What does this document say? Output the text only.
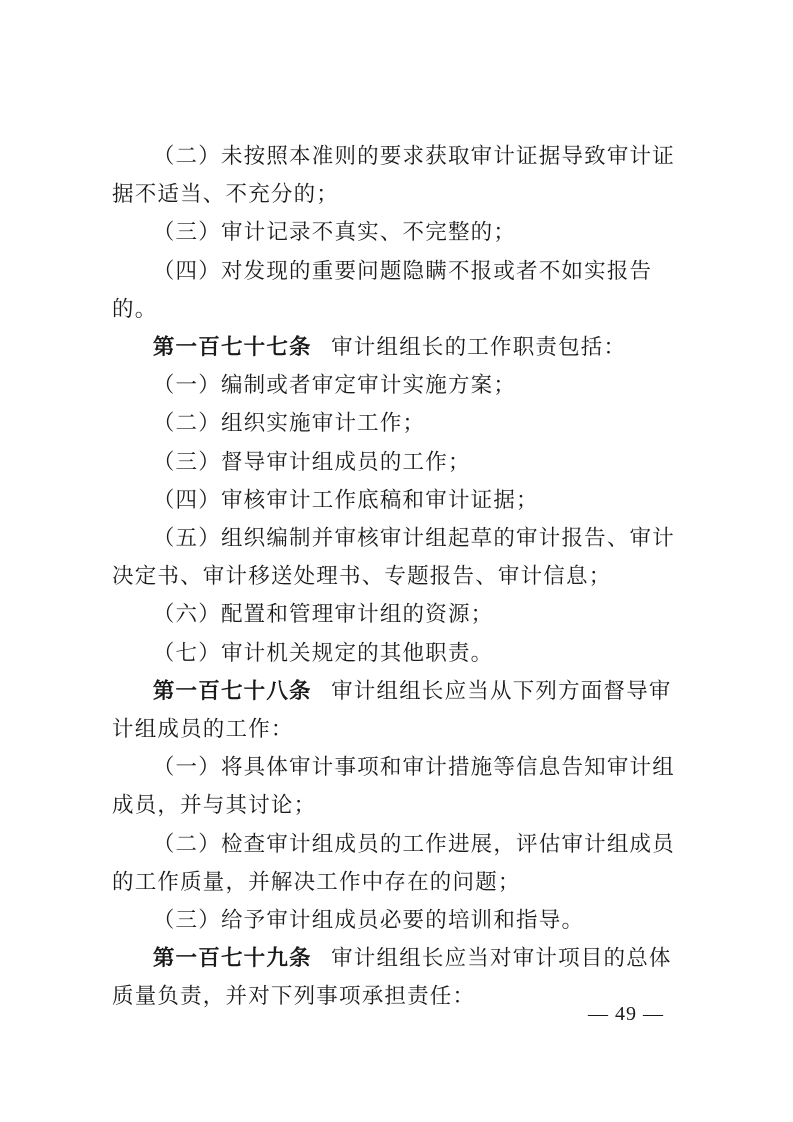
（二）未按照本准则的要求获取审计证据导致审计证据不适当、不充分的；

（三）审计记录不真实、不完整的；

（四）对发现的重要问题隐瞒不报或者不如实报告的。

第一百七十七条 审计组组长的工作职责包括：

（一）编制或者审定审计实施方案；

（二）组织实施审计工作；

（三）督导审计组成员的工作；

（四）审核审计工作底稿和审计证据；

（五）组织编制并审核审计组起草的审计报告、审计决定书、审计移送处理书、专题报告、审计信息；

（六）配置和管理审计组的资源；

（七）审计机关规定的其他职责。

第一百七十八条 审计组组长应当从下列方面督导审计组成员的工作：

（一）将具体审计事项和审计措施等信息告知审计组成员，并与其讨论；

（二）检查审计组成员的工作进展，评估审计组成员的工作质量，并解决工作中存在的问题；

（三）给予审计组成员必要的培训和指导。

第一百七十九条 审计组组长应当对审计项目的总体质量负责，并对下列事项承担责任：

— 49 —
